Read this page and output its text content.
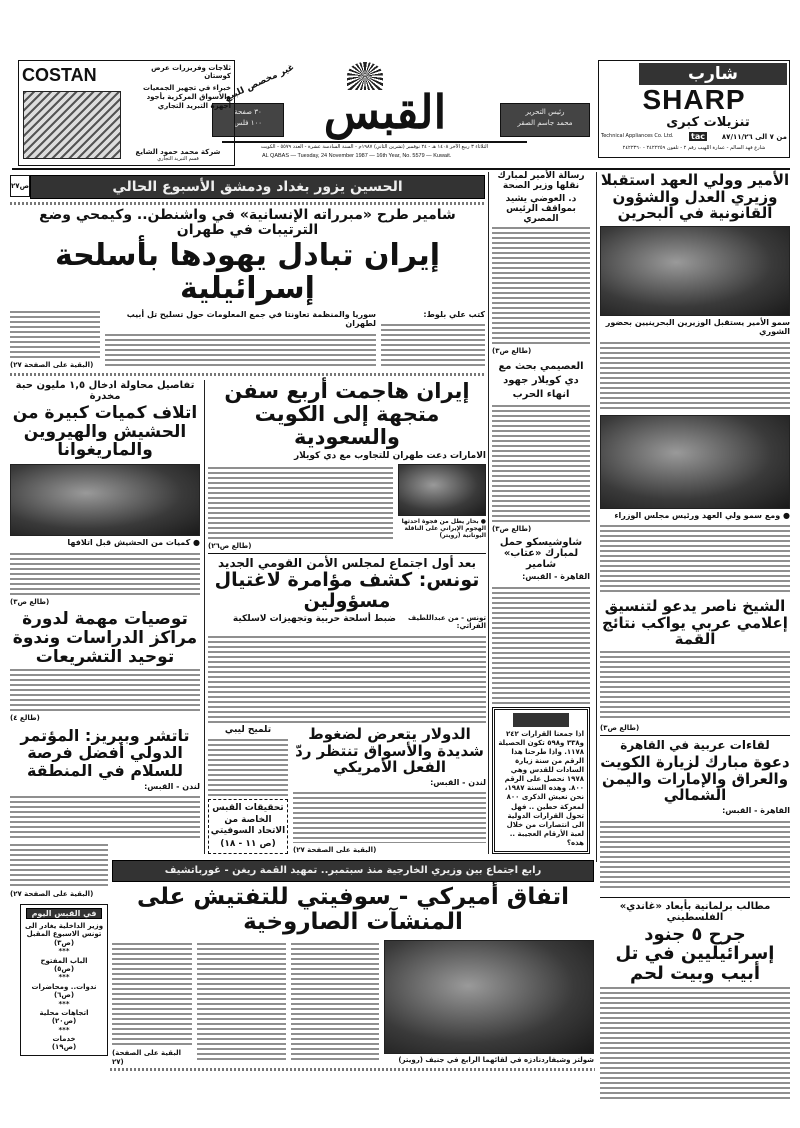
شارب
SHARP
تنزيلات كبرى
Technical Appliances Co. Ltd. tac	من ٧ الى ٨٧/١١/٢٦
شارع فهد السالم - عمارة اللهيب رقم ٢ - تلفون ٢٤٢٢٢٥٩ - ٢٤٢٢٣٦٠
رئيس التحرير
محمد جاسم الصقر
القبس
غير مخصص للبيع
٣٠ صفحة
١٠٠ فلس
الثلاثاء ٣ ربيع الآخر ١٤٠٨ هـ - ٢٤ نوفمبر (تشرين الثاني) ١٩٨٧م - السنة السادسة عشرة - العدد ٥٥٧٩ - الكويت
AL QABAS — Tuesday, 24 November 1987 — 16th Year, No. 5579 — Kuwait.
COSTAN	ثلاجات وفريزرات عرض كوستان
خبراء في تجهيز الجمعيات والأسواق المركزية بأجود أجهزة التبريد التجاري
شركة محمد حمود الشايع
قسم التبريد التجاري
الأمير وولي العهد استقبلا وزيري العدل والشؤون القانونية في البحرين
سمو الأمير يستقبل الوزيرين البحرينيين بحضور الشوري
● ومع سمو ولي العهد ورئيس مجلس الوزراء
الشيخ ناصر يدعو لتنسيق إعلامي عربي يواكب نتائج القمة
(طالع ص٣)
لقاءات عربية في القاهرة
دعوة مبارك لزيارة الكويت والعراق والإمارات واليمن الشمالي
القاهرة - القبس:
مطالب برلمانية بأبعاد «غاندي» الفلسطيني
جرح ٥ جنود إسرائيليين في تل أبيب وبيت لحم
رسالة الأمير لمبارك نقلها وزير الصحة
د. العوضي يشيد بمواقف الرئيس المصري
(طالع ص٣)
العصيمي بحث مع دي كويلار جهود انهاء الحرب
(طالع ص٣)
شاوشيسكو حمل لمبارك «عتاب» شامير
القاهرة - القبس:
اذا جمعنا القرارات ٢٤٢ و٣٣٨ و٥٩٨ تكون الحصيلة ١١٧٨. واذا طرحنا هذا الرقم من سنة زيارة السادات للقدس وهي ١٩٧٨ نحصل على الرقم ٨٠٠. وهذه السنة ١٩٨٧، نحن نعيش الذكرى ٨٠٠ لمعركة حطين .. فهل تحول القرارات الدولية الى انتصارات من خلال لعبة الأرقام العجيبة .. هذه؟
ص٢٧	الحسين يزور بغداد ودمشق الأسبوع الحالي
شامير طرح «مبرراته الإنسانية» في واشنطن.. وكيمحي وضع الترتيبات في طهران
إيران تبادل يهودها بأسلحة إسرائيلية
(البقية على الصفحة ٢٧)
سوريا والمنظمة تعاونتا في جمع المعلومات حول تسليح تل أبيب لطهران
كتب علي بلوط:
تفاصيل محاولة ادخال ١,٥ مليون حبة مخدرة
اتلاف كميات كبيرة من الحشيش والهيروين والماريغوانا
● كميات من الحشيش قبل اتلافها
(طالع ص٣)
توصيات مهمة لدورة مراكز الدراسات وندوة توحيد التشريعات
(طالع ٤)
تاتشر وبيريز: المؤتمر الدولي أفضل فرصة للسلام في المنطقة
لندن - القبس:
(البقية على الصفحة ٢٧)
إيران هاجمت أربع سفن متجهة إلى الكويت والسعودية
الامارات دعت طهران للتجاوب مع دي كويلار
(طالع ص٢٦)
● بحار يطل من فجوة احدثها الهجوم الإيراني على الناقلة اليونانية (رويتر)
بعد أول اجتماع لمجلس الأمن القومي الجديد
تونس: كشف مؤامرة لاغتيال مسؤولين
ضبط أسلحة حربية وتجهيزات لاسلكية	تونس - من عبداللطيف الفراتي:
تلميح ليبي
تحقيقات القبس الخاصة من الاتحاد السوفيتي
(ص ١١ - ١٨)
الدولار يتعرض لضغوط شديدة والأسواق تنتظر ردّ الفعل الأمريكي
لندن - القبس:
(البقية على الصفحة ٢٧)
رابع اجتماع بين وزيري الخارجية منذ سبتمبر.. تمهيد القمة ريغن - غورباتشيف
اتفاق أميركي - سوفيتي للتفتيش على المنشآت الصاروخية
(البقية على الصفحة ٢٧)	شولتز وشيفاردنادزه في لقائهما الرابع في جنيف (رويتر)
في القبس اليوم
وزير الداخلية يغادر الى تونس الاسبوع المقبل
(ص٣)
***
الباب المفتوح
(ص٥)
***
ندوات.. ومحاضرات
(ص٦)
***
اتجاهات محلية
(ص٢٠)
***
خدمات
(ص١٩)
